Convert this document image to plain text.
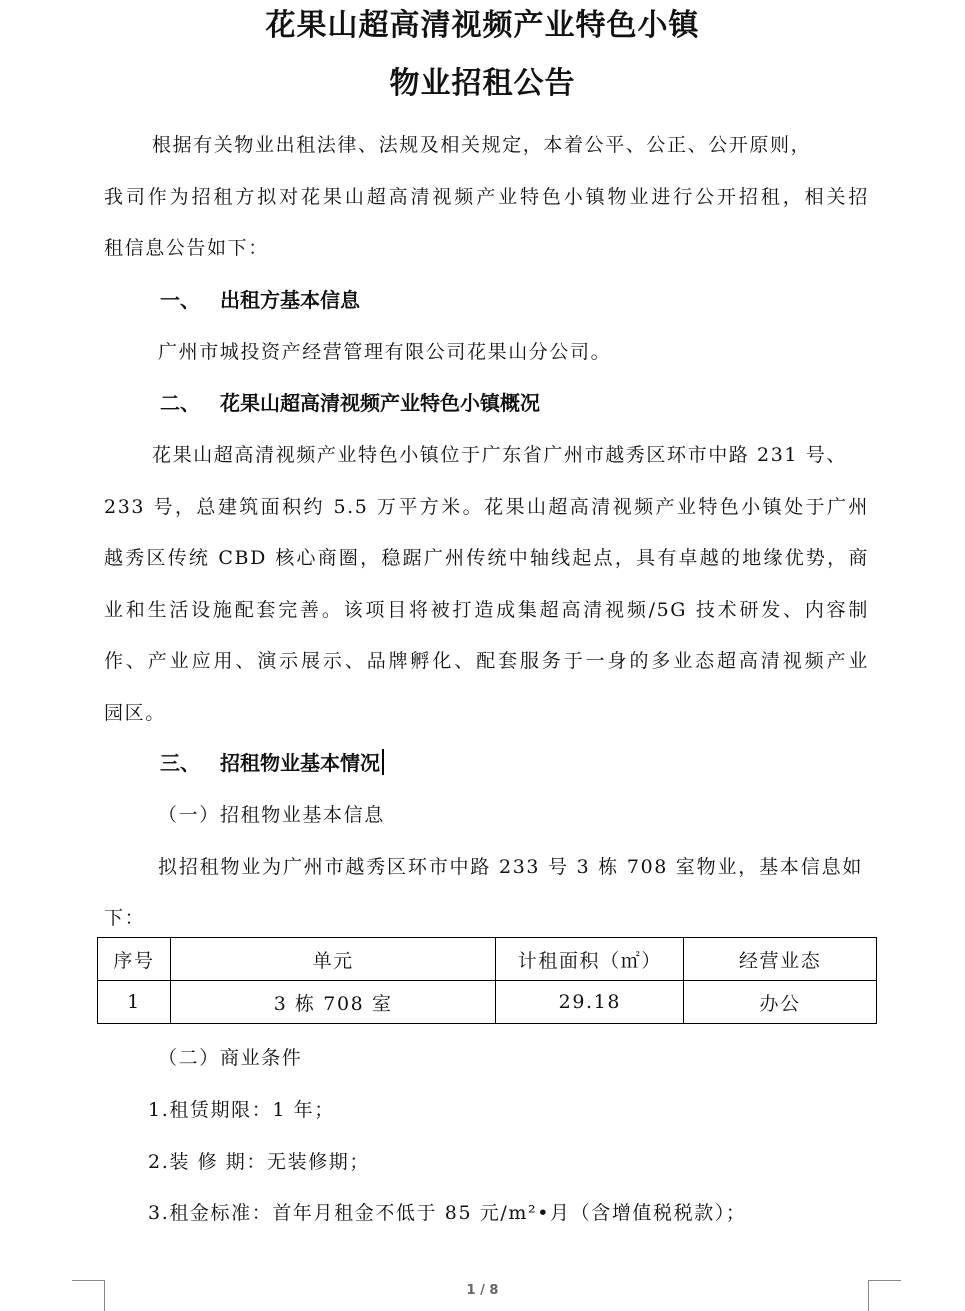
花果山超高清视频产业特色小镇
物业招租公告
根据有关物业出租法律、法规及相关规定，本着公平、公正、公开原则，
我司作为招租方拟对花果山超高清视频产业特色小镇物业进行公开招租，相关招
租信息公告如下：
一、 出租方基本信息
广州市城投资产经营管理有限公司花果山分公司。
二、 花果山超高清视频产业特色小镇概况
花果山超高清视频产业特色小镇位于广东省广州市越秀区环市中路 231 号、
233 号，总建筑面积约 5.5 万平方米。花果山超高清视频产业特色小镇处于广州
越秀区传统 CBD 核心商圈，稳踞广州传统中轴线起点，具有卓越的地缘优势，商
业和生活设施配套完善。该项目将被打造成集超高清视频/5G 技术研发、内容制
作、产业应用、演示展示、品牌孵化、配套服务于一身的多业态超高清视频产业
园区。
三、 招租物业基本情况
（一） 招租物业基本信息
拟招租物业为广州市越秀区环市中路 233 号 3 栋 708 室物业，基本信息如
下：
序号	单元	计租面积（㎡）	经营业态
1	3 栋 708 室	29.18	办公
（二） 商业条件
1.租赁期限：1 年；
2.装 修 期：无装修期；
3.租金标准：首年月租金不低于 85 元/m²•月（含增值税税款）；
1 / 8
